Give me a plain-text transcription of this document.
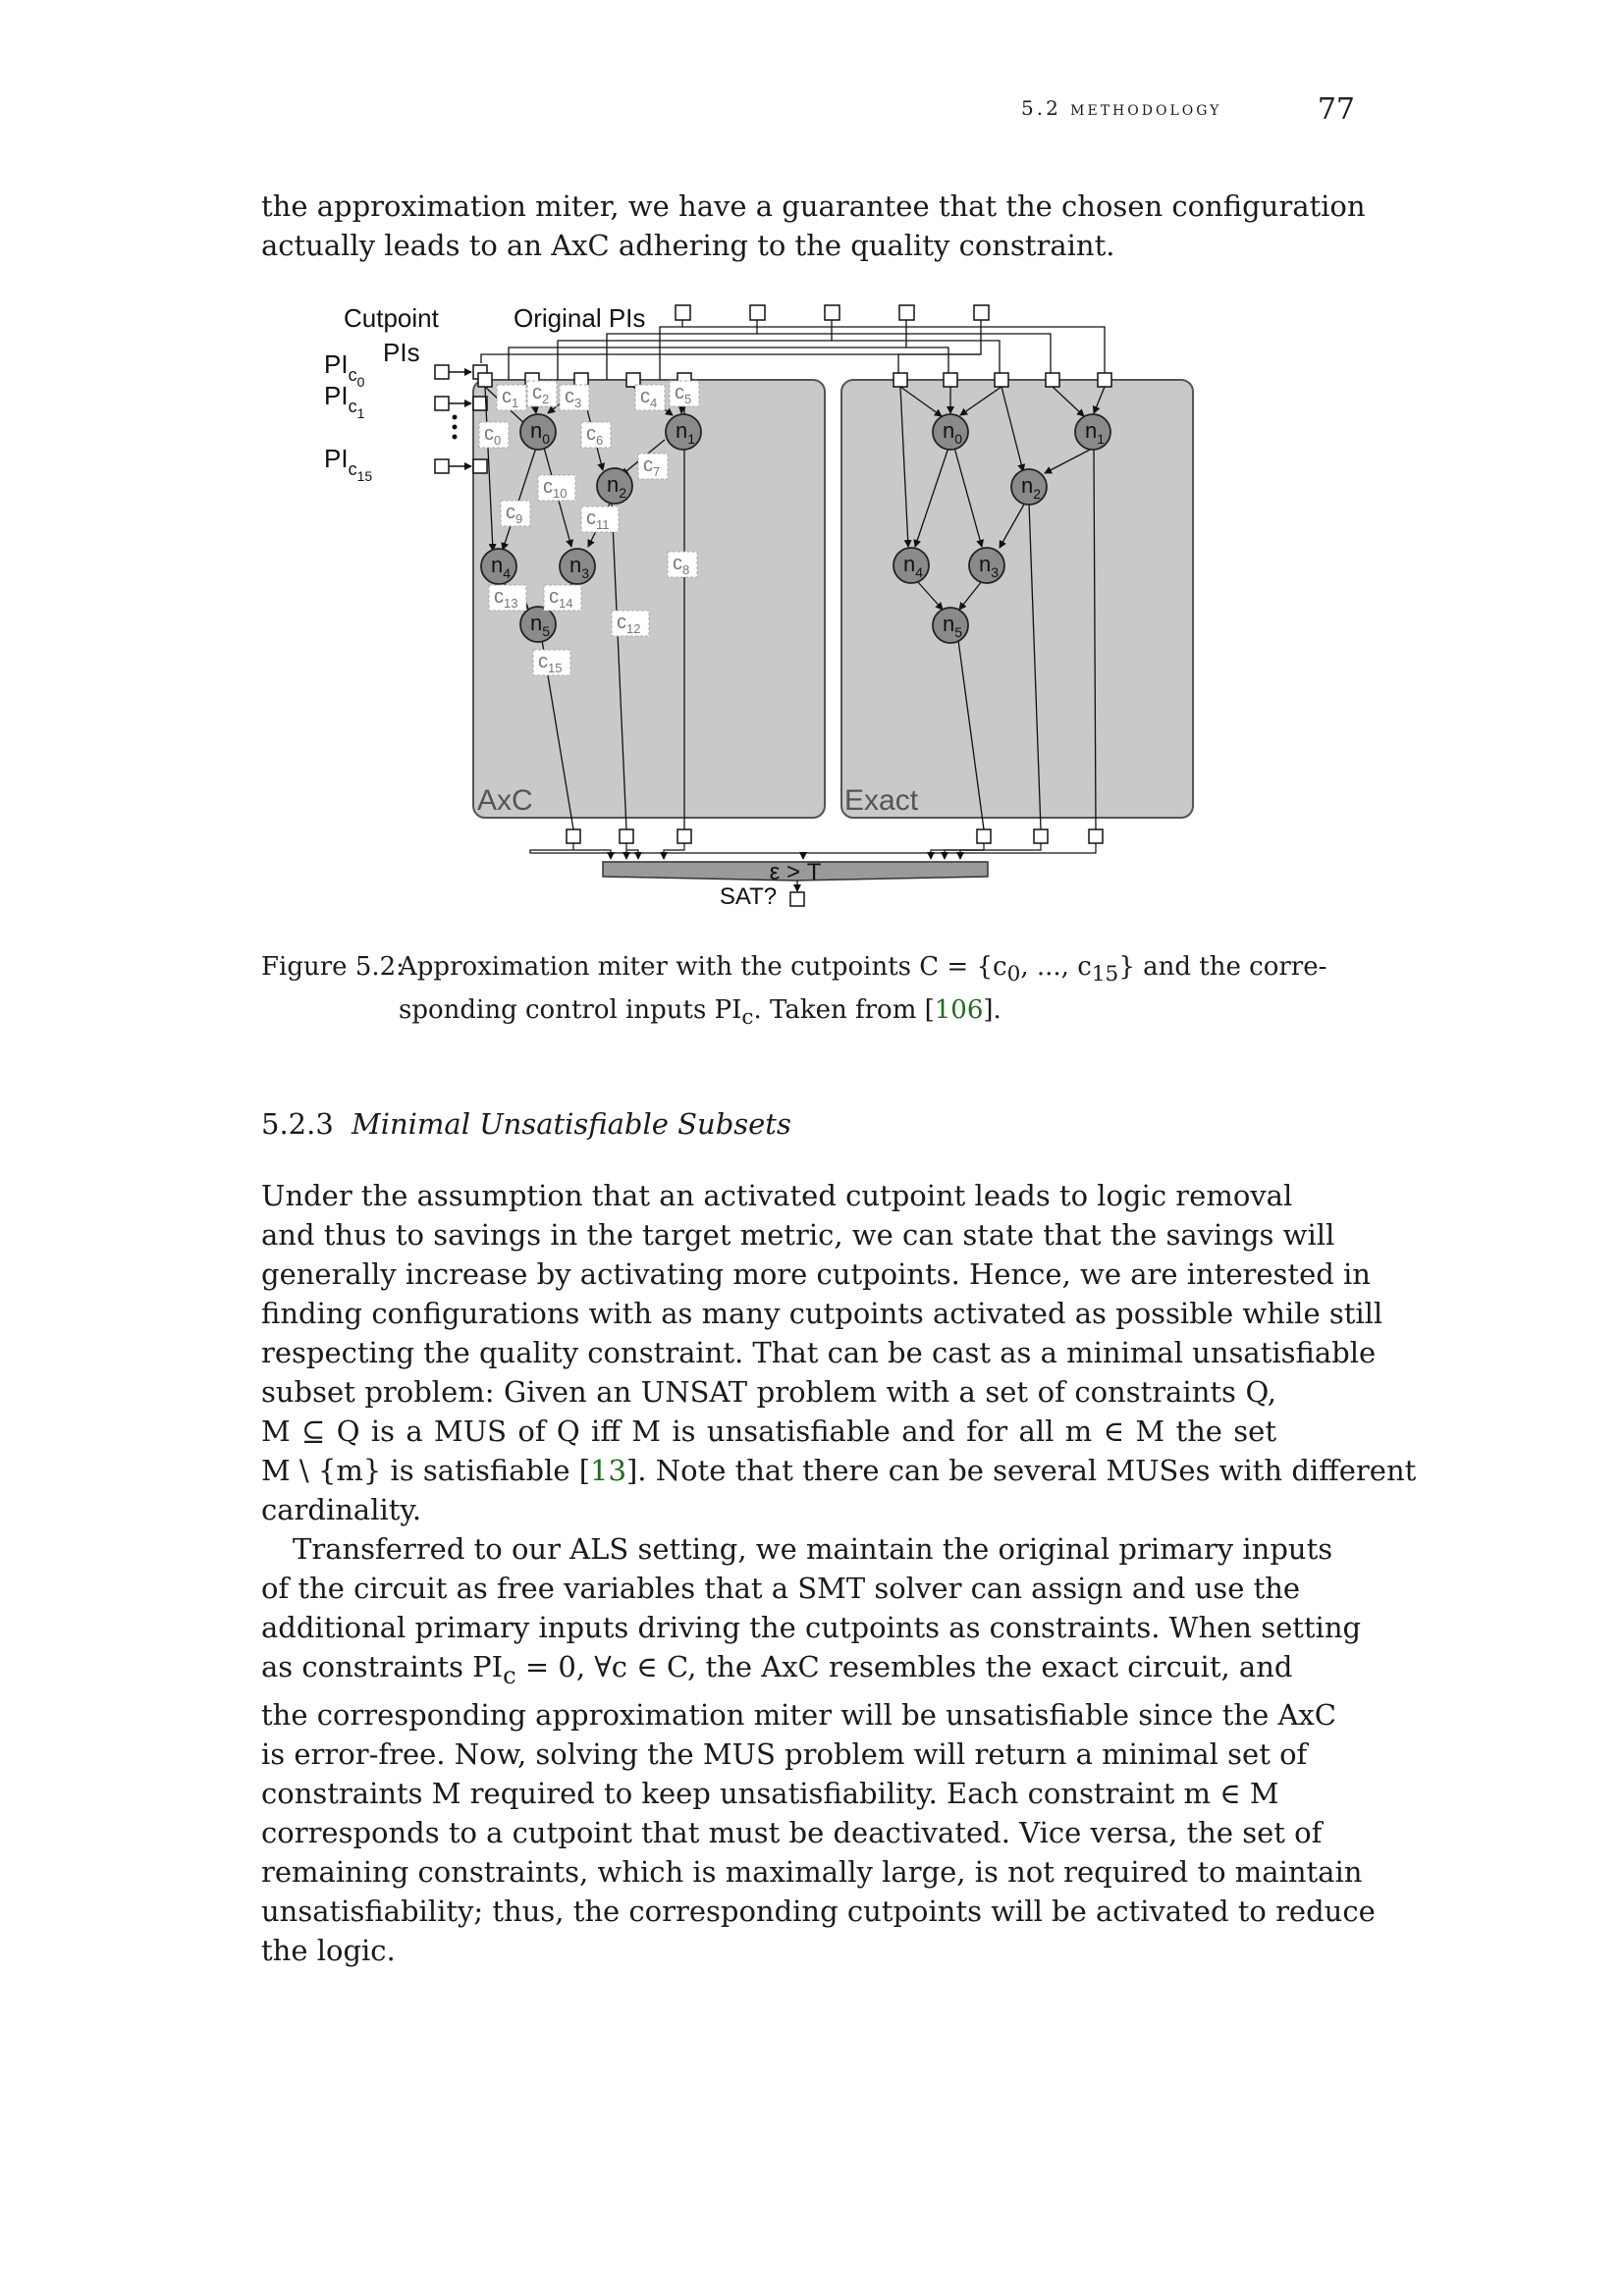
5.2 methodology	77
the approximation miter, we have a guarantee that the chosen configuration
actually leads to an AxC adhering to the quality constraint.
Cutpoint
PIs
Original PIs
$PI_{c0}$
$PI_{c1}$
$PI_{c15}$
ε > T
SAT?
AxC	Exact
$n_0$	$n_1$
$n_2$
$n_4$	$n_3$
$n_5$
$n_0$	$n_1$
$n_2$
$n_4$	$n_3$
$n_5$
$c_0$
$c_1$ $c_2$ $c_3$	$c_4$ $c_5$
$c_6$
$c_7$
$c_8$
$c_9$
$c_{10}$
$c_{11}$
$c_{12}$
$c_{13}$ $c_{14}$
$c_{15}$
Figure 5.2:
Approximation miter with the cutpoints $C = \{c_0$, ..., $c_{15}$} and the corre-
sponding control inputs $PI_c$. Taken from [106].
5.2.3 Minimal Unsatisfiable Subsets
Under the assumption that an activated cutpoint leads to logic removal
and thus to savings in the target metric, we can state that the savings will
generally increase by activating more cutpoints. Hence, we are interested in
finding configurations with as many cutpoints activated as possible while still
respecting the quality constraint. That can be cast as a minimal unsatisfiable
subset problem: Given an UNSAT problem with a set of constraints Q,
M ⊆ Q is a MUS of Q iff M is unsatisfiable and for all m ∈ M the set
M \ {m} is satisfiable [13]. Note that there can be several MUSes with different
cardinality.
Transferred to our ALS setting, we maintain the original primary inputs
of the circuit as free variables that a SMT solver can assign and use the
additional primary inputs driving the cutpoints as constraints. When setting
as constraints $PI_c = 0$, ∀c ∈ C, the AxC resembles the exact circuit, and
the corresponding approximation miter will be unsatisfiable since the AxC
is error-free. Now, solving the MUS problem will return a minimal set of
constraints M required to keep unsatisfiability. Each constraint m ∈ M
corresponds to a cutpoint that must be deactivated. Vice versa, the set of
remaining constraints, which is maximally large, is not required to maintain
unsatisfiability; thus, the corresponding cutpoints will be activated to reduce
the logic.
